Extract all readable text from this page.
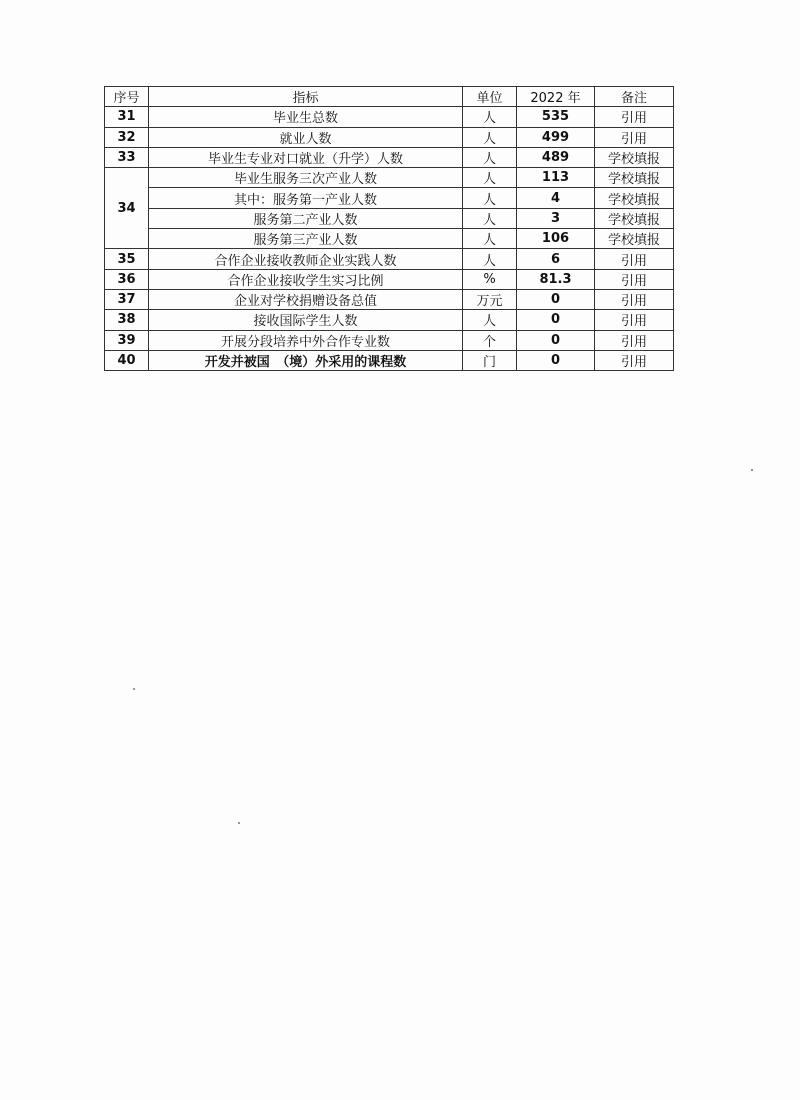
序号	指标	单位	2022 年	备注
31	毕业生总数	人	535	引用
32	就业人数	人	499	引用
33	毕业生专业对口就业（升学）人数	人	489	学校填报
34	毕业生服务三次产业人数	人	113	学校填报
	其中：服务第一产业人数	人	4	学校填报
	服务第二产业人数	人	3	学校填报
	服务第三产业人数	人	106	学校填报
35	合作企业接收教师企业实践人数	人	6	引用
36	合作企业接收学生实习比例	%	81.3	引用
37	企业对学校捐赠设备总值	万元	0	引用
38	接收国际学生人数	人	0	引用
39	开展分段培养中外合作专业数	个	0	引用
40	开发并被国　（境）外采用的课程数	门	0	引用
